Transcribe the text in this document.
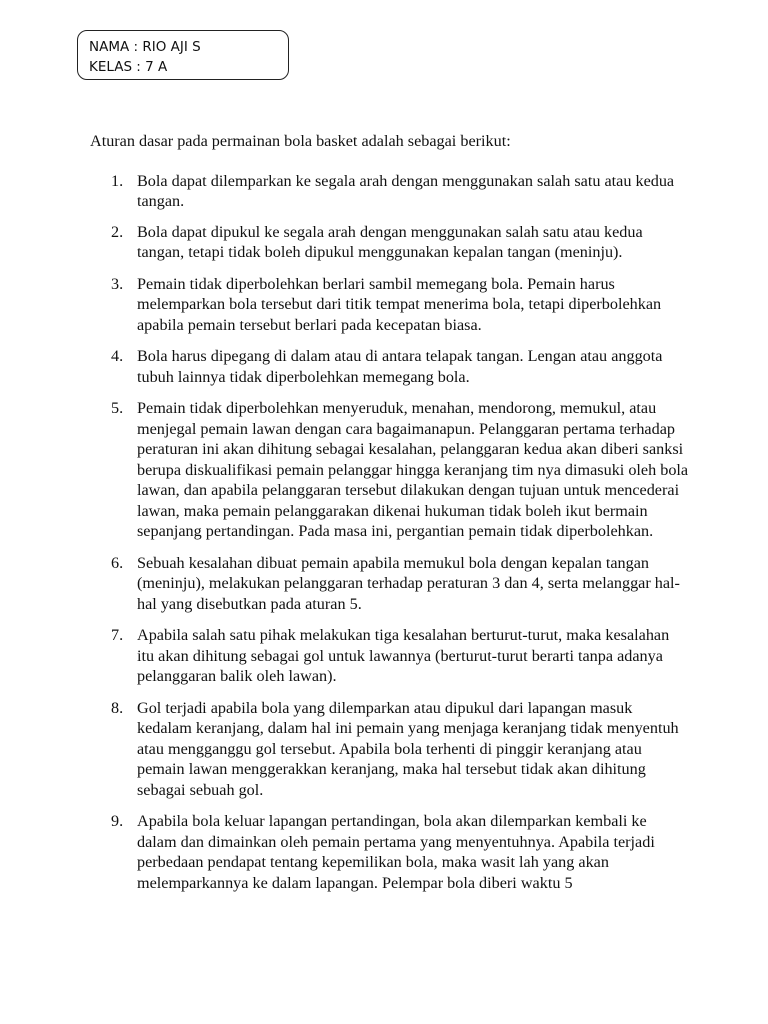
NAMA : RIO AJI S
KELAS : 7 A

Aturan dasar pada permainan bola basket adalah sebagai berikut:

1. Bola dapat dilemparkan ke segala arah dengan menggunakan salah satu atau kedua tangan.
2. Bola dapat dipukul ke segala arah dengan menggunakan salah satu atau kedua tangan, tetapi tidak boleh dipukul menggunakan kepalan tangan (meninju).
3. Pemain tidak diperbolehkan berlari sambil memegang bola. Pemain harus melemparkan bola tersebut dari titik tempat menerima bola, tetapi diperbolehkan apabila pemain tersebut berlari pada kecepatan biasa.
4. Bola harus dipegang di dalam atau di antara telapak tangan. Lengan atau anggota tubuh lainnya tidak diperbolehkan memegang bola.
5. Pemain tidak diperbolehkan menyeruduk, menahan, mendorong, memukul, atau menjegal pemain lawan dengan cara bagaimanapun. Pelanggaran pertama terhadap peraturan ini akan dihitung sebagai kesalahan, pelanggaran kedua akan diberi sanksi berupa diskualifikasi pemain pelanggar hingga keranjang tim nya dimasuki oleh bola lawan, dan apabila pelanggaran tersebut dilakukan dengan tujuan untuk mencederai lawan, maka pemain pelanggarakan dikenai hukuman tidak boleh ikut bermain sepanjang pertandingan. Pada masa ini, pergantian pemain tidak diperbolehkan.
6. Sebuah kesalahan dibuat pemain apabila memukul bola dengan kepalan tangan (meninju), melakukan pelanggaran terhadap peraturan 3 dan 4, serta melanggar hal-hal yang disebutkan pada aturan 5.
7. Apabila salah satu pihak melakukan tiga kesalahan berturut-turut, maka kesalahan itu akan dihitung sebagai gol untuk lawannya (berturut-turut berarti tanpa adanya pelanggaran balik oleh lawan).
8. Gol terjadi apabila bola yang dilemparkan atau dipukul dari lapangan masuk kedalam keranjang, dalam hal ini pemain yang menjaga keranjang tidak menyentuh atau mengganggu gol tersebut. Apabila bola terhenti di pinggir keranjang atau pemain lawan menggerakkan keranjang, maka hal tersebut tidak akan dihitung sebagai sebuah gol.
9. Apabila bola keluar lapangan pertandingan, bola akan dilemparkan kembali ke dalam dan dimainkan oleh pemain pertama yang menyentuhnya. Apabila terjadi perbedaan pendapat tentang kepemilikan bola, maka wasit lah yang akan melemparkannya ke dalam lapangan. Pelempar bola diberi waktu 5
